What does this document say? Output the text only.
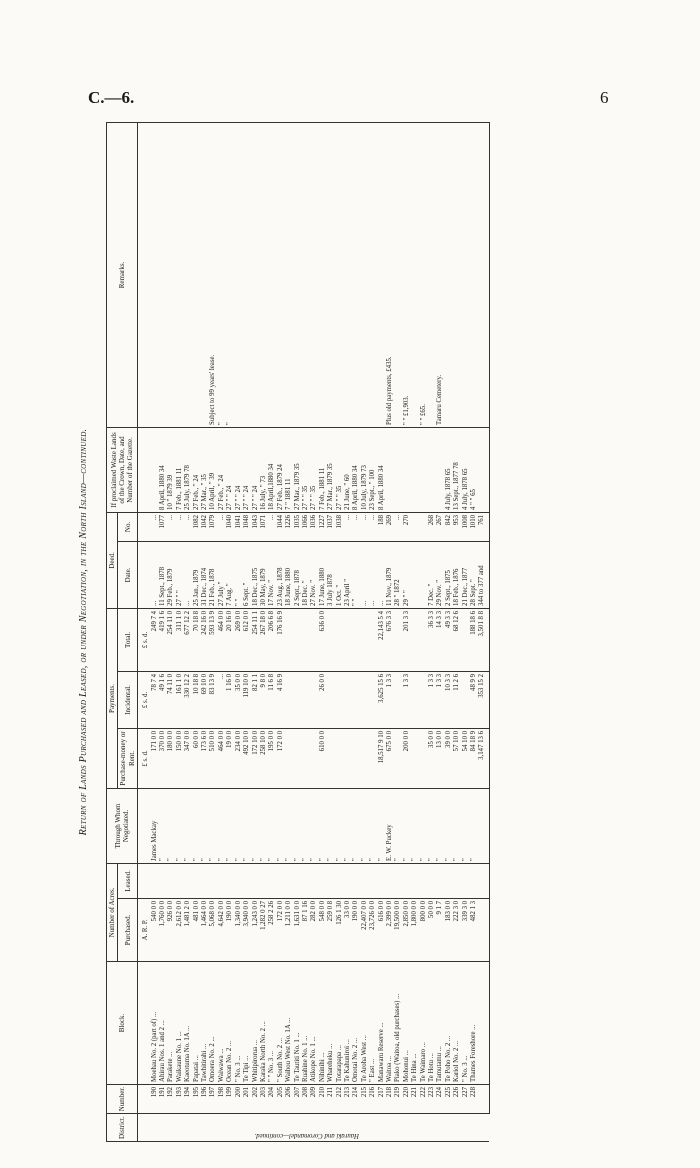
C.—6.	6
Return of Lands Purchased and Leased, or under Negotiation, in the North Island—continued.
District.	Number.	Block.	Number of Acres.		Through Whom Negotiated.	Payments.			Deed.		If proclaimed Waste Lands of the Crown, Date, and Number of the Gazette.	Remarks.
			Purchased.	Leased.		Purchase-money or Rent.	Incidental.	Total.	Date.	No.		

Hauraki and Coromandel—continued.			A. R. P.			£ s. d.	£ s. d.	£ s. d.				
	190	Moehau No. 2 (part of) ...	540 0 0		James Mackay	171 0 0	78 7 4	249 7 4	...	...		
	191	Ahirau Nos. 1 and 2 ...	1,760 0 0		"	370 0 0	49 1 6	419 1 6	11 Sept., 1878	1077	8 April, 1880 34	
	192	Parakete ...	926 0 0		"	180 0 0	74 11 0	254 11 0	29 Feb., 1879	...	10 " 1879 39	
	193	Waikaune No. 1 ...	2,612 0 0		"	150 0 0	161 1 0	311 1 0	27 " "	...	7 Feb., 1881 11	
	194	Kaeotuma No. 1A ...	1,481 2 0		"	347 0 0	330 12 2	677 12 2	...	...	25 July, 1879 78	
	195	Papatai ...	481 0 0		"	60 0 0	10 18 8	70 18 8	25 Jan., 1879	1082	27 Feb., " 24	
	196	Tawhitirahi ...	1,464 0 0		"	173 6 0	69 10 0	242 16 0	31 Dec., 1874	1042	27 Mar., " 35	
	197	Omoera No. 2 ...	5,068 0 0		"	510 0 0	83 13 9	593 13 9	21 Feb., 1878	1079	10 April, " 39	Subject to 99 years' lease.
	198	Waiwawa ...	4,642 0 0		"	464 0 0	...	464 0 0	27 July "	...	27 Feb., " 24	"
	199	Ocean No. 2 ...	190 0 0		"	19 0 0	1 16 0	20 16 0	7 Aug. "	1040	27 " " 24	"
	200	" No. 3 ...	1,340 0 0		"	234 0 0	35 0 0	269 0 0	" "	1041	27 " " 24	
	201	Te Tipi ...	3,940 0 0		"	492 10 0	119 10 0	612 0 0	6 Sept. "	1048	27 " " 24	
	202	Whitipirorua ...	1,243 0 0		"	172 10 0	82 1 1	254 11 1	18 Dec., 1875	1043	27 " " 24	
	203	Karaka North No. 2 ...	1,282 0 27		"	258 10 0	9 8 0	267 18 0	30 May, 1879	1071	16 July, " 73	
	204	" " No. 3 ...	258 2 26		"	195 0 0	11 6 8	206 6 8	17 Nov. "	...	18 April,1880 34	
	205	" South No. 2 ...	172 0 0		"	172 0 0	4 16 9	176 16 9	23 Aug., 1878	1044	27 Feb., 1879 24	
	206	Waihou West No. 1A ...	1,211 0 0		"				18 June, 1880	1226	7 " 1881 11	
	207	Te Tautiti No. 1 ...	1,631 0 0		"				2 Sept., 1878	1035	27 Mar., 1879 35	
	208	Ruahine No. 1 ...	87 1 16		"				18 Dec. "	1066	27 " " 35	
	209	Atikope No. 1 ...	282 0 0		"				27 Nov. "	1036	27 " " 35	
	210	Nihinihi ...	548 0 0		"	610 0 0	26 0 0	636 0 0	17 June, 1880	1227	7 Feb., 1881 11	
	211	Whareheku ...	259 0 8		"				3 July 1878	1037	27 Mar., 1879 35	
	212	Totarapapa ...	126 1 30		"				1 Oct. "	1038	27 " " 35	
	213	Te Kahuniroi ...	33 0 0		"				23 April "	...	21 June, " 60	
	214	Omotai No. 2 ...	190 0 0		"				" "	...	8 April, 1880 34	
	215	Te Aroha West ...	22,407 0 0		"				...	...	10 July, 1879 73	
	216	" East ...	23,726 0 0		"				...	...	23 Sept., " 100	
	217	Manawaru Reserve ...	616 0 0		"	18,517 9 10	3,625 15 6	22,143 5 4	...	188	8 April, 1880 34	
	218	Waitoa ...	2,399 0 0		E. W. Puckey	675 0 0	1 3 3	676 3 3	11 Nov., 1879	269		Plus old payments, £435.
	219	Piako (Waitoa, old purchases) ...	19,500 0 0		"				28 " 1872	...		
	220	Mohonui ...	2,850 0 0		"	200 0 0	1 3 3	201 3 3	29 " "	270		" " £1,903.
	221	Te Hina ...	1,800 0 0		"							
	222	Te Waimaro ...	800 0 0		"							" " £65.
	223	Te Hotu ...	50 0 0		"	35 0 0	1 3 3	36 3 3	7 Dec. "	268		
	224	Tamutamu ...	9 1 7		"	13 0 0	1 3 3	14 3 3	29 Nov. "	267		Tamaru Cemetery.
	225	Te Poho No. 2 ...	183 0 0		"	39 0 0	10 3 3	49 3 3	2 Sept., 1875	842	4 July, 1878 65	
	226	Kariol No. 2 ...	222 3 0		"	57 10 0	11 2 6	68 12 6	18 Feb., 1876	953	13 Sept., 1877 78	
	227	" No. 3 ...	339 3 0		"	54 10 0			21 Dec., 1877	1008	4 July, 1878 65	
	228	Thames Foreshore ...	482 1 3		"	84 18 9	48 9 9	188 18 6	28 Sept. "	1010	4 " " 65	
						3,147 13 6	353 15 2	3,501 8 8	344 to 377 and	761		
